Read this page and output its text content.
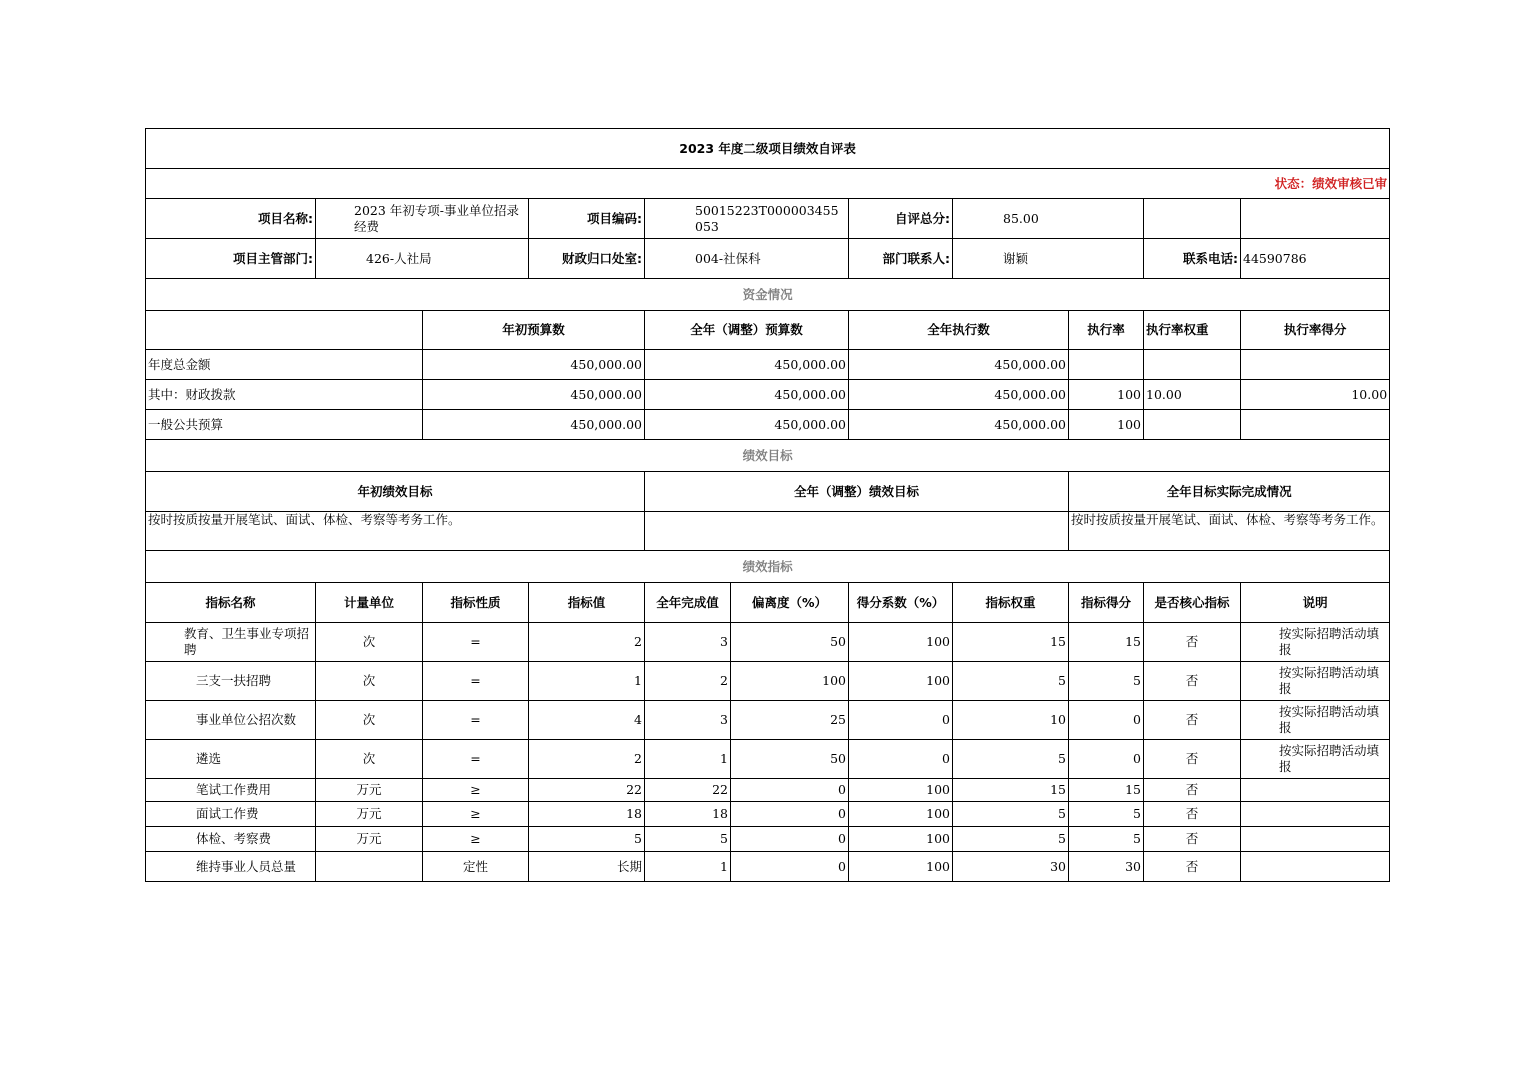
2023 年度二级项目绩效自评表										
状态：绩效审核已审										
项目名称:	2023 年初专项-事业单位招录经费		项目编码:	50015223T000003455053		自评总分:	85.00			
项目主管部门:	426-人社局		财政归口处室:	004-社保科		部门联系人:	谢颖		联系电话:	44590786
资金情况										
		年初预算数		全年（调整）预算数		全年执行数		执行率	执行率权重	执行率得分
年度总金额		450,000.00		450,000.00		450,000.00				
其中：财政拨款		450,000.00		450,000.00		450,000.00		100	10.00	10.00
一般公共预算		450,000.00		450,000.00		450,000.00		100		
绩效目标										
年初绩效目标				全年（调整）绩效目标				全年目标实际完成情况		
按时按质按量开展笔试、面试、体检、考察等考务工作。								按时按质按量开展笔试、面试、体检、考察等考务工作。		
绩效指标										
指标名称	计量单位	指标性质	指标值	全年完成值	偏离度（%）	得分系数（%）	指标权重	指标得分	是否核心指标	说明
教育、卫生事业专项招聘	次	=	2	3	50	100	15	15	否	按实际招聘活动填报
三支一扶招聘	次	=	1	2	100	100	5	5	否	按实际招聘活动填报
事业单位公招次数	次	=	4	3	25	0	10	0	否	按实际招聘活动填报
遴选	次	=	2	1	50	0	5	0	否	按实际招聘活动填报
笔试工作费用	万元	≥	22	22	0	100	15	15	否	
面试工作费	万元	≥	18	18	0	100	5	5	否	
体检、考察费	万元	≥	5	5	0	100	5	5	否	
维持事业人员总量		定性	长期	1	0	100	30	30	否	
